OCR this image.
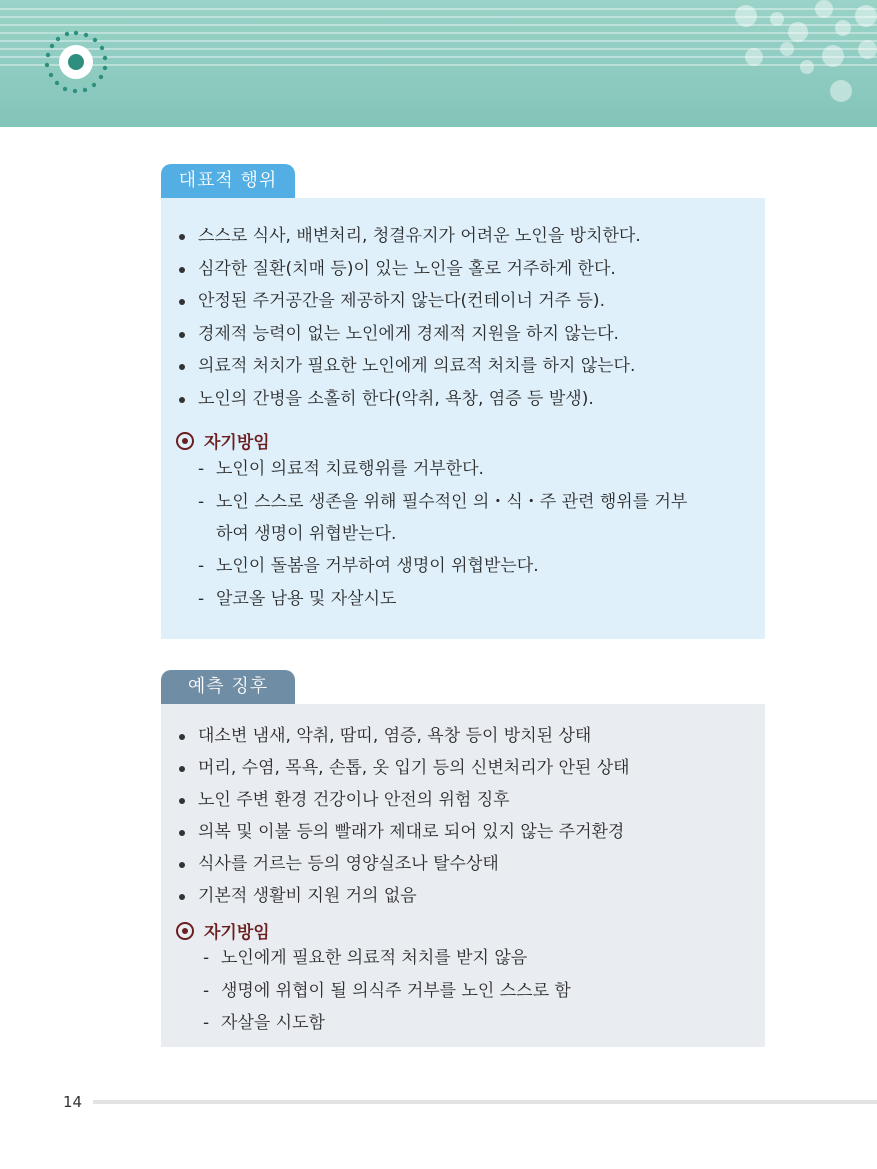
대표적 행위
스스로 식사, 배변처리, 청결유지가 어려운 노인을 방치한다.
심각한 질환(치매 등)이 있는 노인을 홀로 거주하게 한다.
안정된 주거공간을 제공하지 않는다(컨테이너 거주 등).
경제적 능력이 없는 노인에게 경제적 지원을 하지 않는다.
의료적 처치가 필요한 노인에게 의료적 처치를 하지 않는다.
노인의 간병을 소홀히 한다(악취, 욕창, 염증 등 발생).
자기방임
- 노인이 의료적 치료행위를 거부한다.
- 노인 스스로 생존을 위해 필수적인 의・식・주 관련 행위를 거부
하여 생명이 위협받는다.
- 노인이 돌봄을 거부하여 생명이 위협받는다.
- 알코올 남용 및 자살시도
예측 징후
대소변 냄새, 악취, 땀띠, 염증, 욕창 등이 방치된 상태
머리, 수염, 목욕, 손톱, 옷 입기 등의 신변처리가 안된 상태
노인 주변 환경 건강이나 안전의 위험 징후
의복 및 이불 등의 빨래가 제대로 되어 있지 않는 주거환경
식사를 거르는 등의 영양실조나 탈수상태
기본적 생활비 지원 거의 없음
자기방임
- 노인에게 필요한 의료적 처치를 받지 않음
- 생명에 위협이 될 의식주 거부를 노인 스스로 함
- 자살을 시도함
14
